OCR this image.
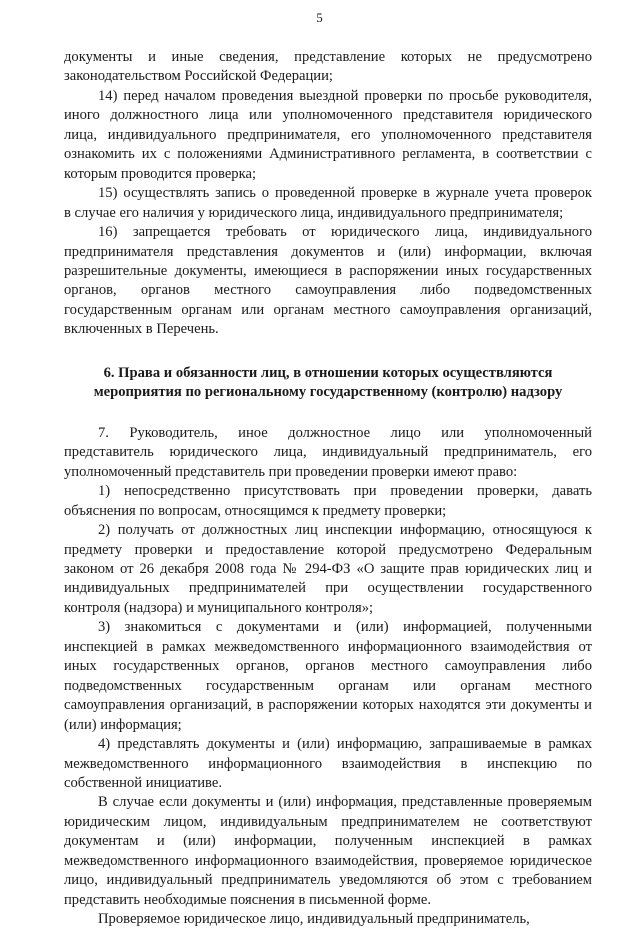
5

документы и иные сведения, представление которых не предусмотрено

законодательством Российской Федерации;

14) перед началом проведения выездной проверки по просьбе руководителя,

иного должностного лица или уполномоченного представителя юридического

лица, индивидуального предпринимателя, его уполномоченного представителя

ознакомить их с положениями Административного регламента, в соответствии с

которым проводится проверка;

15) осуществлять запись о проведенной проверке в журнале учета проверок

в случае его наличия у юридического лица, индивидуального предпринимателя;

16) запрещается требовать от юридического лица, индивидуального

предпринимателя представления документов и (или) информации, включая

разрешительные документы, имеющиеся в распоряжении иных государственных

органов, органов местного самоуправления либо подведомственных

государственным органам или органам местного самоуправления организаций,

включенных в Перечень.

6. Права и обязанности лиц, в отношении которых осуществляются
мероприятия по региональному государственному (контролю) надзору

7. Руководитель, иное должностное лицо или уполномоченный

представитель юридического лица, индивидуальный предприниматель, его

уполномоченный представитель при проведении проверки имеют право:

1) непосредственно присутствовать при проведении проверки, давать

объяснения по вопросам, относящимся к предмету проверки;

2) получать от должностных лиц инспекции информацию, относящуюся к

предмету проверки и предоставление которой предусмотрено Федеральным

законом от 26 декабря 2008 года № 294-ФЗ «О защите прав юридических лиц и

индивидуальных предпринимателей при осуществлении государственного

контроля (надзора) и муниципального контроля»;

3) знакомиться с документами и (или) информацией, полученными

инспекцией в рамках межведомственного информационного взаимодействия от

иных государственных органов, органов местного самоуправления либо

подведомственных государственным органам или органам местного

самоуправления организаций, в распоряжении которых находятся эти документы и

(или) информация;

4) представлять документы и (или) информацию, запрашиваемые в рамках

межведомственного информационного взаимодействия в инспекцию по

собственной инициативе.

В случае если документы и (или) информация, представленные проверяемым

юридическим лицом, индивидуальным предпринимателем не соответствуют

документам и (или) информации, полученным инспекцией в рамках

межведомственного информационного взаимодействия, проверяемое юридическое

лицо, индивидуальный предприниматель уведомляются об этом с требованием

представить необходимые пояснения в письменной форме.

Проверяемое юридическое лицо, индивидуальный предприниматель,
